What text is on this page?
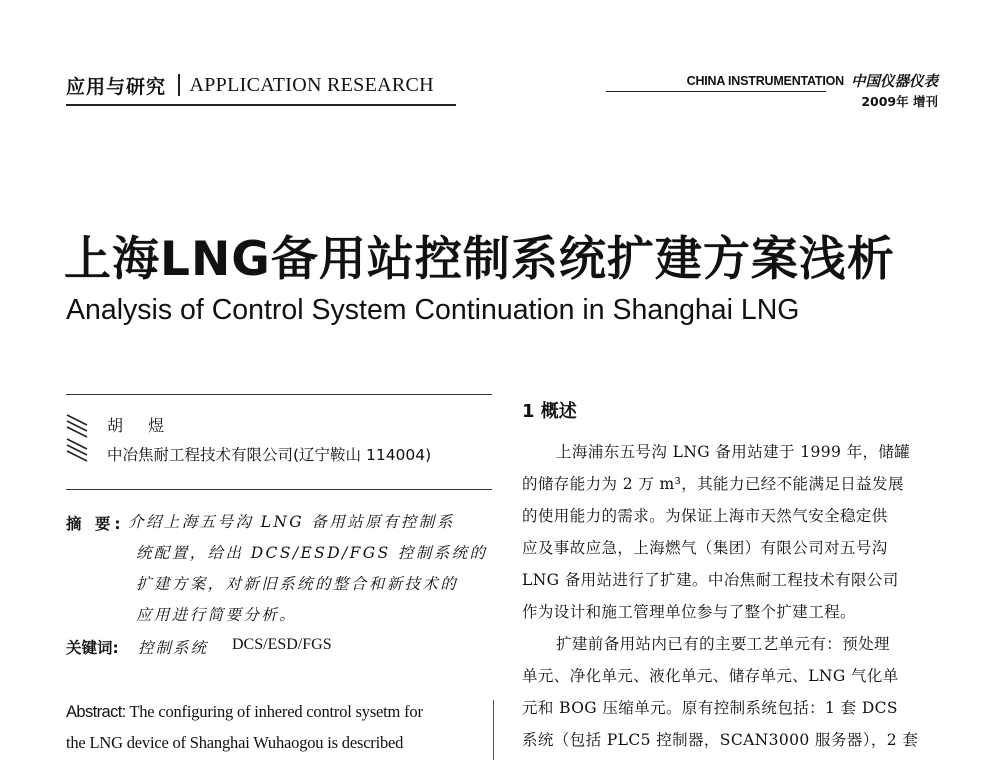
应用与研究 APPLICATION RESEARCH	CHINA INSTRUMENTATION 中国仪器仪表
2009年 增刊
上海LNG备用站控制系统扩建方案浅析
Analysis of Control System Continuation in Shanghai LNG
胡 煜
中冶焦耐工程技术有限公司(辽宁鞍山 114004)
摘 要: 介绍上海五号沟 LNG 备用站原有控制系
统配置，给出 DCS/ESD/FGS 控制系统的
扩建方案，对新旧系统的整合和新技术的
应用进行简要分析。
关键词: 控制系统 DCS/ESD/FGS
Abstract: The configuring of inhered control sysetm for
the LNG device of Shanghai Wuhaogou is described
1 概述
上海浦东五号沟 LNG 备用站建于 1999 年，储罐
的储存能力为 2 万 m³，其能力已经不能满足日益发展
的使用能力的需求。为保证上海市天然气安全稳定供
应及事故应急，上海燃气（集团）有限公司对五号沟
LNG 备用站进行了扩建。中冶焦耐工程技术有限公司
作为设计和施工管理单位参与了整个扩建工程。
扩建前备用站内已有的主要工艺单元有：预处理
单元、净化单元、液化单元、储存单元、LNG 气化单
元和 BOG 压缩单元。原有控制系统包括：1 套 DCS
系统（包括 PLC5 控制器，SCAN3000 服务器），2 套
